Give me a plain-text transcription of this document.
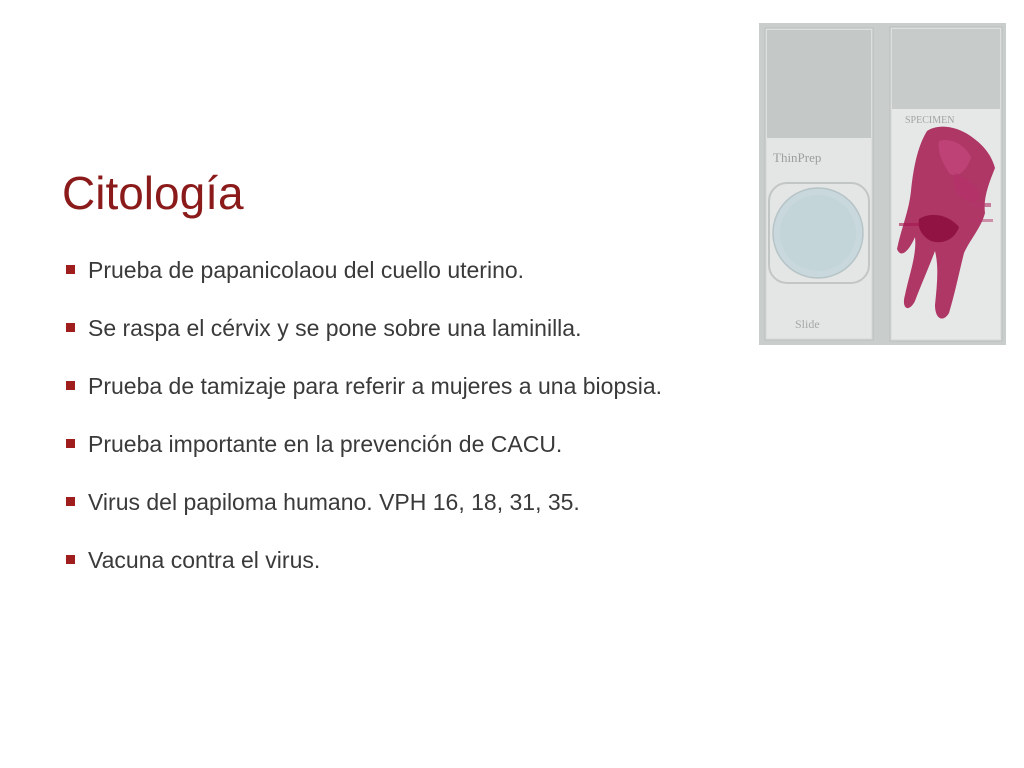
Citología
Prueba de papanicolaou del cuello uterino.
Se raspa el cérvix y se pone sobre una laminilla.
Prueba de tamizaje para referir a mujeres a una biopsia.
Prueba importante en la prevención de CACU.
Virus del papiloma humano. VPH 16, 18, 31, 35.
Vacuna contra el virus.
ThinPrep
Slide
SPECIMEN
